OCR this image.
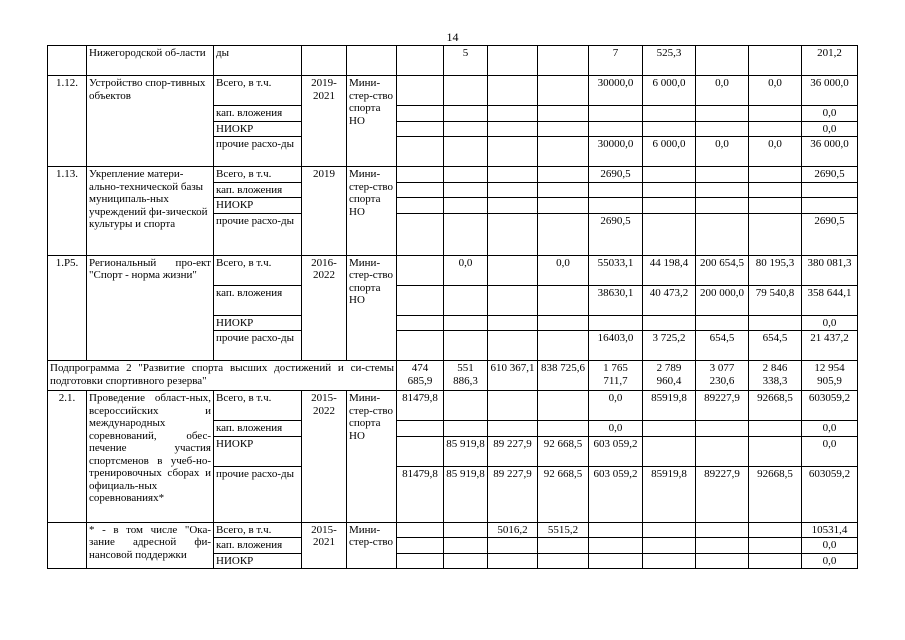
14
	Нижегородской об-ласти	ды				5			7	525,3			201,2
1.12.	Устройство спор-тивных объектов	Всего, в т.ч.	2019-2021	Мини-стер-ство спорта НО					30000,0	6 000,0	0,0	0,0	36 000,0
		кап. вложения											0,0
		НИОКР											0,0
		прочие расхо-ды							30000,0	6 000,0	0,0	0,0	36 000,0
1.13.	Укрепление матери-ально-технической базы муниципаль-ных учреждений фи-зической культуры и спорта	Всего, в т.ч.	2019	Мини-стер-ство спорта НО					2690,5				2690,5
		кап. вложения											
		НИОКР											
		прочие расхо-ды							2690,5				2690,5
1.Р5.	Региональный про-ект "Спорт - норма жизни"	Всего, в т.ч.	2016-2022	Мини-стер-ство спорта НО		0,0		0,0	55033,1	44 198,4	200 654,5	80 195,3	380 081,3
		кап. вложения							38630,1	40 473,2	200 000,0	79 540,8	358 644,1
		НИОКР											0,0
		прочие расхо-ды							16403,0	3 725,2	654,5	654,5	21 437,2
Подпрограмма 2 "Развитие спорта высших достижений и си-стемы подготовки спортивного резерва"					474 685,9	551 886,3	610 367,1	838 725,6	1 765 711,7	2 789 960,4	3 077 230,6	2 846 338,3	12 954 905,9
2.1.	Проведение област-ных, всероссийских и международных соревнований, обес-печение участия спортсменов в учеб-но-тренировочных сборах и официаль-ных соревнованиях*	Всего, в т.ч.	2015-2022	Мини-стер-ство спорта НО	81479,8				0,0	85919,8	89227,9	92668,5	603059,2
		кап. вложения							0,0				0,0
		НИОКР				85 919,8	89 227,9	92 668,5	603 059,2				0,0
		прочие расхо-ды			81479,8	85 919,8	89 227,9	92 668,5	603 059,2	85919,8	89227,9	92668,5	603059,2
	* - в том числе "Ока-зание адресной фи-нансовой поддержки	Всего, в т.ч.	2015-2021	Мини-стер-ство			5016,2	5515,2					10531,4
		кап. вложения											0,0
		НИОКР											0,0
